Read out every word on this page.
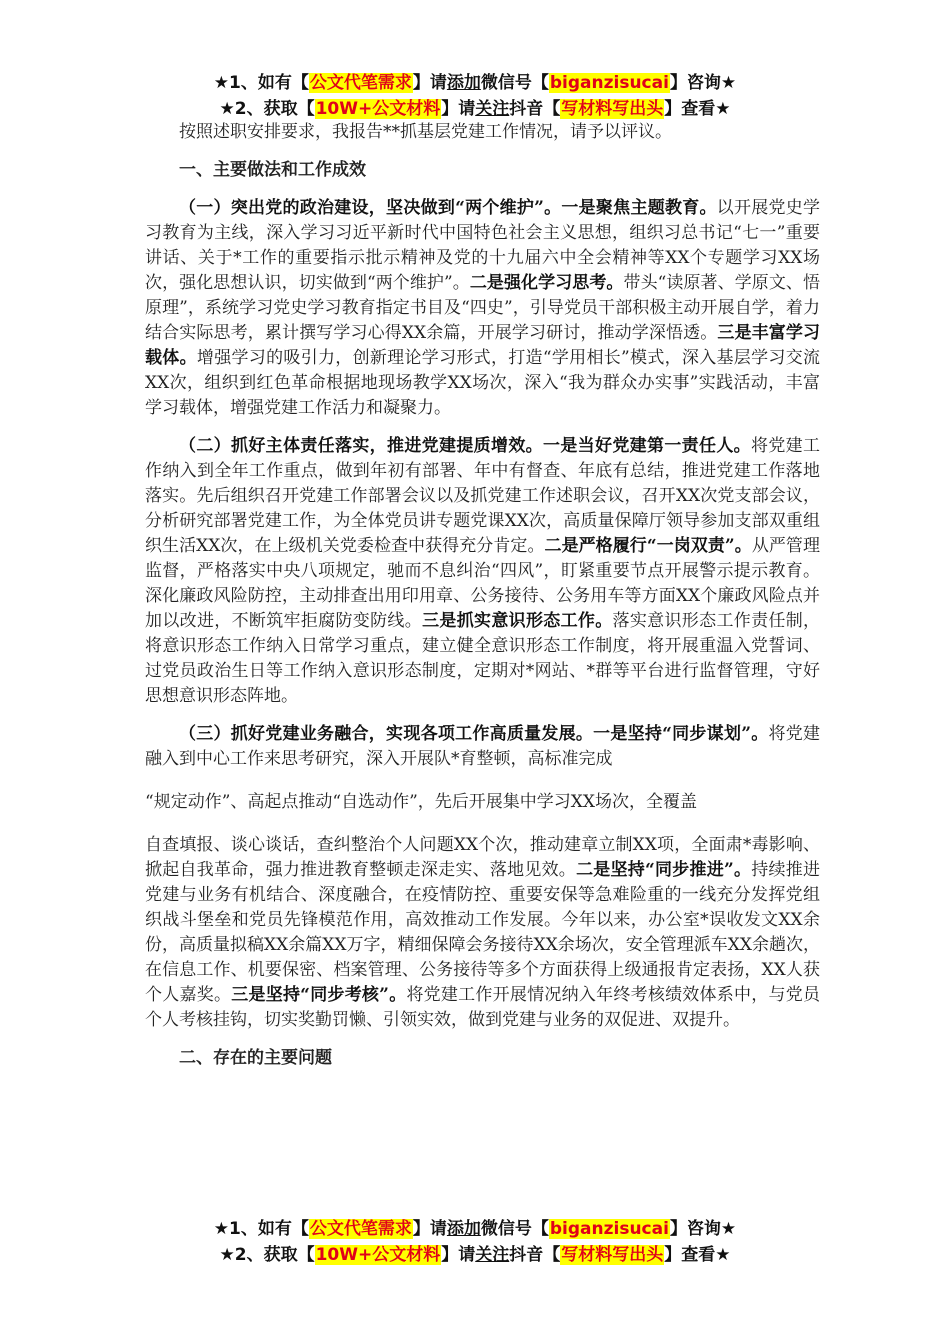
★1、如有【公文代笔需求】请添加微信号【biganzisucai】咨询★
★2、获取【10W+公文材料】请关注抖音【写材料写出头】查看★

按照述职安排要求，我报告**抓基层党建工作情况，请予以评议。

一、主要做法和工作成效

（一）突出党的政治建设，坚决做到“两个维护”。一是聚焦主题教育。以开展党史学习教育为主线，深入学习习近平新时代中国特色社会主义思想，组织习总书记“七一”重要讲话、关于*工作的重要指示批示精神及党的十九届六中全会精神等XX个专题学习XX场次，强化思想认识，切实做到“两个维护”。二是强化学习思考。带头“读原著、学原文、悟原理”，系统学习党史学习教育指定书目及“四史”，引导党员干部积极主动开展自学，着力结合实际思考，累计撰写学习心得XX余篇，开展学习研讨，推动学深悟透。三是丰富学习载体。增强学习的吸引力，创新理论学习形式，打造“学用相长”模式，深入基层学习交流XX次，组织到红色革命根据地现场教学XX场次，深入“我为群众办实事”实践活动，丰富学习载体，增强党建工作活力和凝聚力。

（二）抓好主体责任落实，推进党建提质增效。一是当好党建第一责任人。将党建工作纳入到全年工作重点，做到年初有部署、年中有督查、年底有总结，推进党建工作落地落实。先后组织召开党建工作部署会议以及抓党建工作述职会议，召开XX次党支部会议，分析研究部署党建工作，为全体党员讲专题党课XX次，高质量保障厅领导参加支部双重组织生活XX次，在上级机关党委检查中获得充分肯定。二是严格履行“一岗双责”。从严管理监督，严格落实中央八项规定，驰而不息纠治“四风”，盯紧重要节点开展警示提示教育。深化廉政风险防控，主动排查出用印用章、公务接待、公务用车等方面XX个廉政风险点并加以改进，不断筑牢拒腐防变防线。三是抓实意识形态工作。落实意识形态工作责任制，将意识形态工作纳入日常学习重点，建立健全意识形态工作制度，将开展重温入党誓词、过党员政治生日等工作纳入意识形态制度，定期对*网站、*群等平台进行监督管理，守好思想意识形态阵地。

（三）抓好党建业务融合，实现各项工作高质量发展。一是坚持“同步谋划”。将党建融入到中心工作来思考研究，深入开展队*育整顿，高标准完成

“规定动作”、高起点推动“自选动作”，先后开展集中学习XX场次，全覆盖

自查填报、谈心谈话，查纠整治个人问题XX个次，推动建章立制XX项，全面肃*毒影响、掀起自我革命，强力推进教育整顿走深走实、落地见效。二是坚持“同步推进”。持续推进党建与业务有机结合、深度融合，在疫情防控、重要安保等急难险重的一线充分发挥党组织战斗堡垒和党员先锋模范作用，高效推动工作发展。今年以来，办公室*误收发文XX余份，高质量拟稿XX余篇XX万字，精细保障会务接待XX余场次，安全管理派车XX余趟次，在信息工作、机要保密、档案管理、公务接待等多个方面获得上级通报肯定表扬，XX人获个人嘉奖。三是坚持“同步考核”。将党建工作开展情况纳入年终考核绩效体系中，与党员个人考核挂钩，切实奖勤罚懒、引领实效，做到党建与业务的双促进、双提升。

二、存在的主要问题

★1、如有【公文代笔需求】请添加微信号【biganzisucai】咨询★
★2、获取【10W+公文材料】请关注抖音【写材料写出头】查看★
